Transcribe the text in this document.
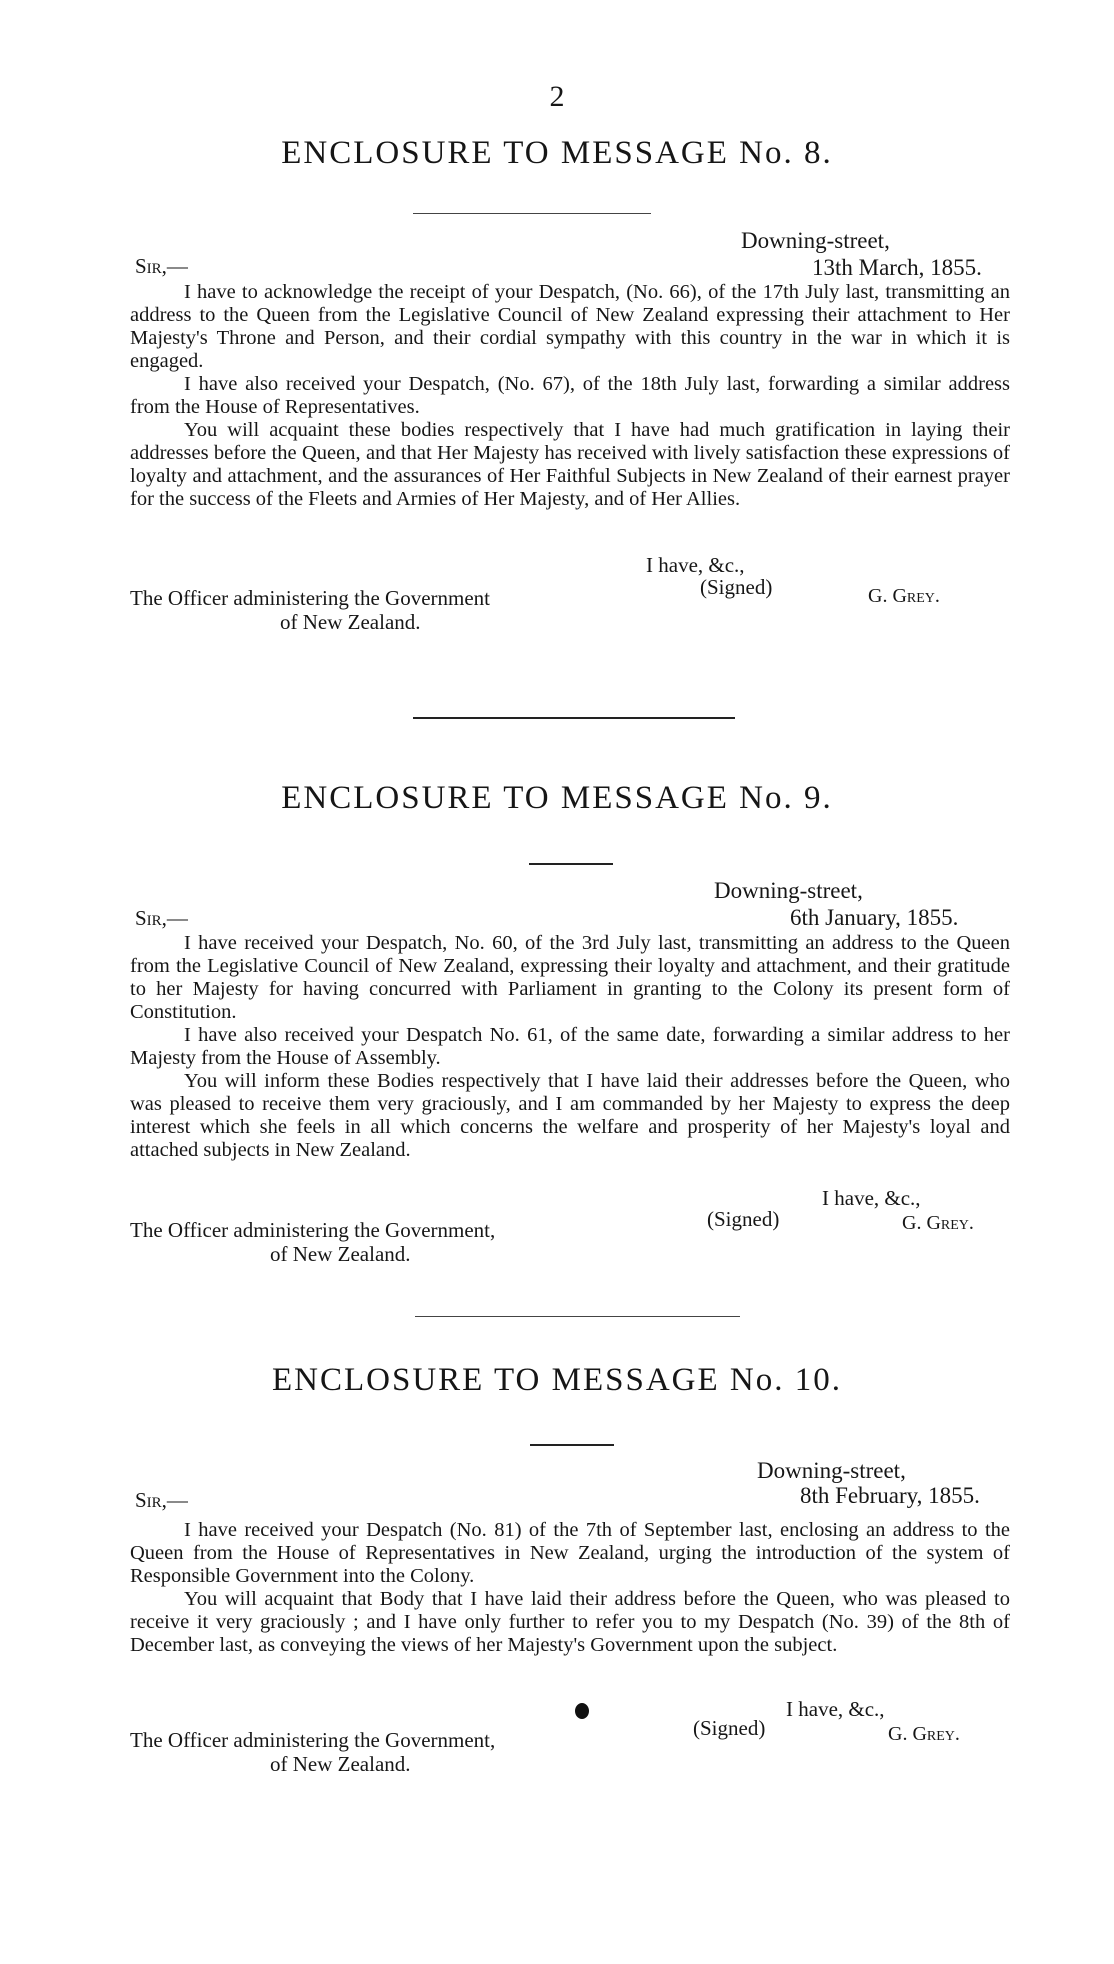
2
ENCLOSURE TO MESSAGE No. 8.
Downing-street,
13th March, 1855.
Sir,—

I have to acknowledge the receipt of your Despatch, (No. 66), of the 17th July last, transmitting an address to the Queen from the Legislative Council of New Zealand expressing their attachment to Her Majesty's Throne and Person, and their cordial sympathy with this country in the war in which it is engaged.

I have also received your Despatch, (No. 67), of the 18th July last, forwarding a similar address from the House of Representatives.

You will acquaint these bodies respectively that I have had much gratification in laying their addresses before the Queen, and that Her Majesty has received with lively satisfaction these expressions of loyalty and attachment, and the assurances of Her Faithful Subjects in New Zealand of their earnest prayer for the success of the Fleets and Armies of Her Majesty, and of Her Allies.

I have, &c.,
(Signed)	G. Grey.
The Officer administering the Government
of New Zealand.
ENCLOSURE TO MESSAGE No. 9.
Downing-street,
6th January, 1855.
Sir,—

I have received your Despatch, No. 60, of the 3rd July last, transmitting an address to the Queen from the Legislative Council of New Zealand, expressing their loyalty and attachment, and their gratitude to her Majesty for having concurred with Parliament in granting to the Colony its present form of Constitution.

I have also received your Despatch No. 61, of the same date, forwarding a similar address to her Majesty from the House of Assembly.

You will inform these Bodies respectively that I have laid their addresses before the Queen, who was pleased to receive them very graciously, and I am commanded by her Majesty to express the deep interest which she feels in all which concerns the welfare and prosperity of her Majesty's loyal and attached subjects in New Zealand.

I have, &c.,
(Signed)	G. Grey.
The Officer administering the Government,
of New Zealand.
ENCLOSURE TO MESSAGE No. 10.
Downing-street,
8th February, 1855.
Sir,—

I have received your Despatch (No. 81) of the 7th of September last, enclosing an address to the Queen from the House of Representatives in New Zealand, urging the introduction of the system of Responsible Government into the Colony.

You will acquaint that Body that I have laid their address before the Queen, who was pleased to receive it very graciously ; and I have only further to refer you to my Despatch (No. 39) of the 8th of December last, as conveying the views of her Majesty's Government upon the subject.

I have, &c.,
(Signed)	G. Grey.
The Officer administering the Government,
of New Zealand.
